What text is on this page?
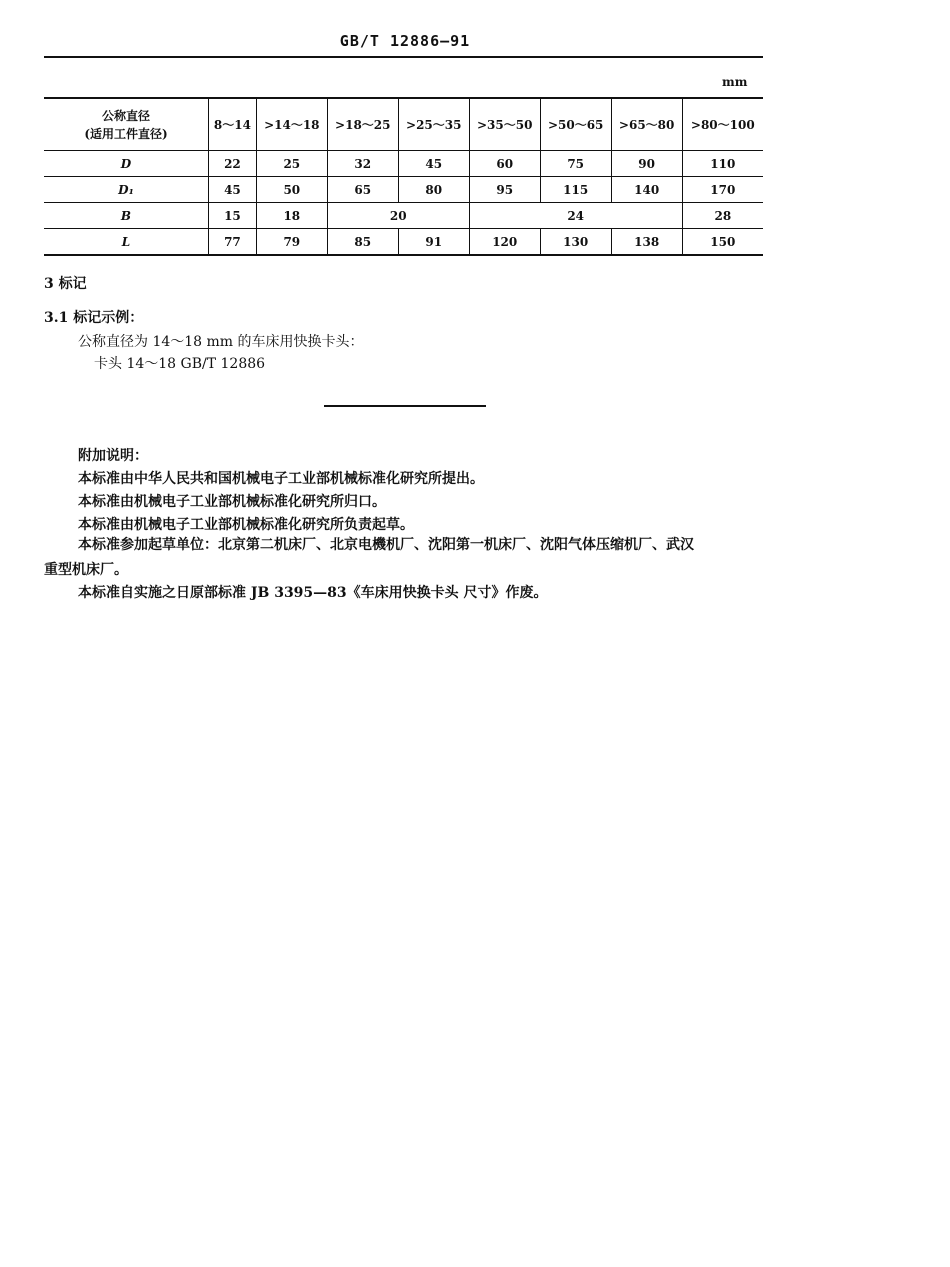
GB/T 12886—91
mm
公称直径
(适用工件直径)	8～14	>14～18	>18～25	>25～35	>35～50	>50～65	>65～80	>80～100
D	22	25	32	45	60	75	90	110
D₁	45	50	65	80	95	115	140	170
B	15	18	20		24			28
L	77	79	85	91	120	130	138	150
3 标记
3.1 标记示例：
公称直径为 14～18 mm 的车床用快换卡头：
卡头 14～18 GB/T 12886
附加说明：
本标准由中华人民共和国机械电子工业部机械标准化研究所提出。
本标准由机械电子工业部机械标准化研究所归口。
本标准由机械电子工业部机械标准化研究所负责起草。
本标准参加起草单位：北京第二机床厂、北京电機机厂、沈阳第一机床厂、沈阳气体压缩机厂、武汉
重型机床厂。
本标准自实施之日原部标准 JB 3395—83《车床用快换卡头 尺寸》作废。
